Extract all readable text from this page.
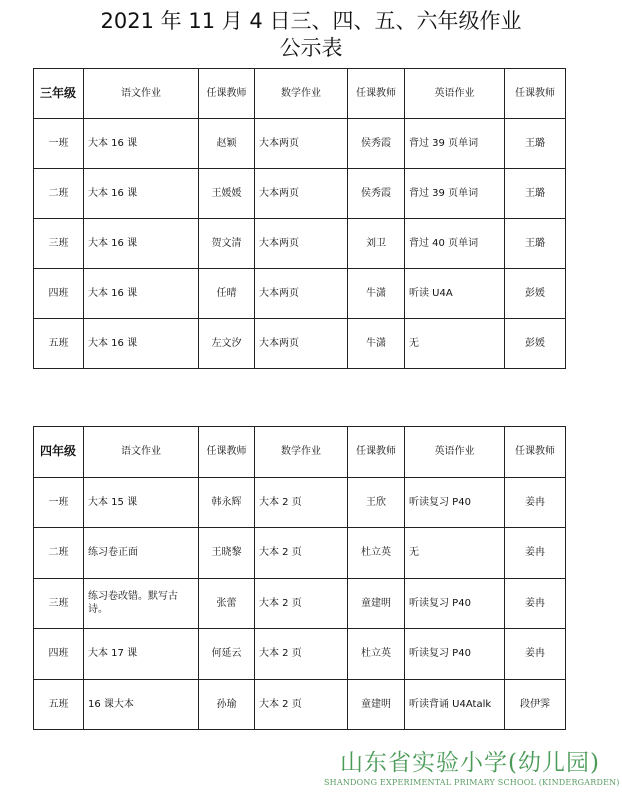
2021 年 11 月 4 日三、四、五、六年级作业
公示表
三年级	语文作业	任课教师	数学作业	任课教师	英语作业	任课教师
一班	大本 16 课	赵颖	大本两页	侯秀霞	背过 39 页单词	王璐
二班	大本 16 课	王媛媛	大本两页	侯秀霞	背过 39 页单词	王璐
三班	大本 16 课	贺文清	大本两页	刘卫	背过 40 页单词	王璐
四班	大本 16 课	任晴	大本两页	牛潇	听读 U4A	彭媛
五班	大本 16 课	左文汐	大本两页	牛潇	无	彭媛
四年级	语文作业	任课教师	数学作业	任课教师	英语作业	任课教师
一班	大本 15 课	韩永辉	大本 2 页	王欣	听读复习 P40	姜冉
二班	练习卷正面	王晓黎	大本 2 页	杜立英	无	姜冉
三班	练习卷改错。默写古诗。	张蕾	大本 2 页	童建明	听读复习 P40	姜冉
四班	大本 17 课	何延云	大本 2 页	杜立英	听读复习 P40	姜冉
五班	16 课大本	孙瑜	大本 2 页	童建明	听读背诵 U4Atalk	段伊霁
山东省实验小学(幼儿园)
SHANDONG EXPERIMENTAL PRIMARY SCHOOL (KINDERGARDEN)
